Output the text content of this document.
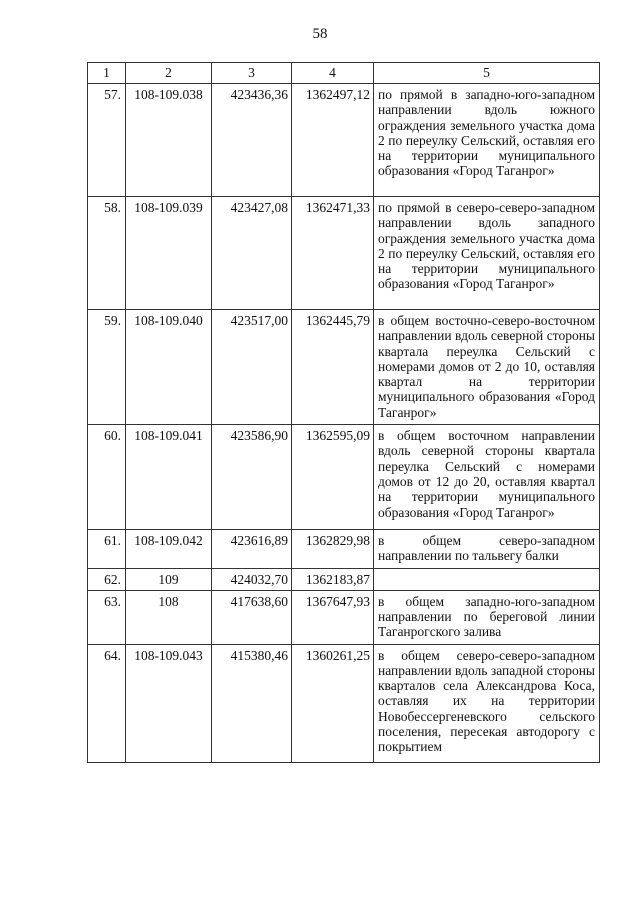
58
1	2	3	4	5
57.	108-109.038	423436,36	1362497,12	по прямой в западно-юго-западном направлении вдоль южного ограждения земельного участка дома 2 по переулку Сельский, оставляя его на территории муниципального образования «Город Таганрог»
58.	108-109.039	423427,08	1362471,33	по прямой в северо-северо-западном направлении вдоль западного ограждения земельного участка дома 2 по переулку Сельский, оставляя его на территории муниципального образования «Город Таганрог»
59.	108-109.040	423517,00	1362445,79	в общем восточно-северо-восточном направлении вдоль северной стороны квартала переулка Сельский с номерами домов от 2 до 10, оставляя квартал на территории муниципального образования «Город Таганрог»
60.	108-109.041	423586,90	1362595,09	в общем восточном направлении вдоль северной стороны квартала переулка Сельский с номерами домов от 12 до 20, оставляя квартал на территории муниципального образования «Город Таганрог»
61.	108-109.042	423616,89	1362829,98	в общем северо-западном направлении по тальвегу балки
62.	109	424032,70	1362183,87	
63.	108	417638,60	1367647,93	в общем западно-юго-западном направлении по береговой линии Таганрогского залива
64.	108-109.043	415380,46	1360261,25	в общем северо-северо-западном направлении вдоль западной стороны кварталов села Александрова Коса, оставляя их на территории Новобессергеневского сельского поселения, пересекая автодорогу с покрытием
